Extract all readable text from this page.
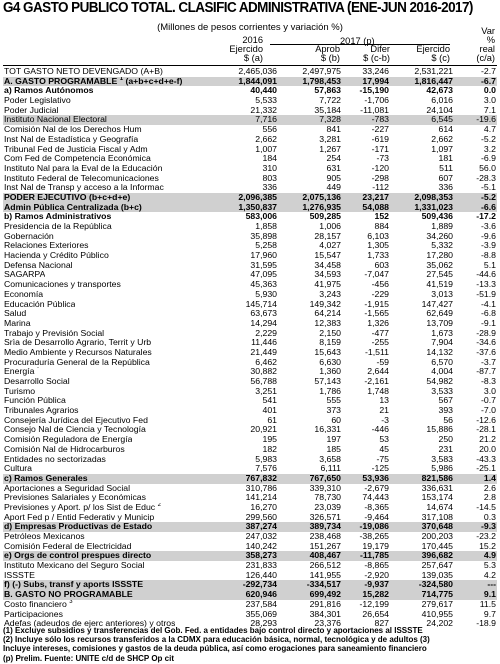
G4 GASTO PUBLICO TOTAL. CLASIFIC ADMINISTRATIVA (ENE-JUN 2016-2017)
(Millones de pesos corrientes y variación %)
2016
Ejercido
$ (a)
2017 (p)
Aprob
$ (b)
Difer
$ (c-b)
Ejercido
$ (c)
Var
%
real
(c/a)
TOT GASTO NETO DEVENGADO (A+B)	2,465,036	2,497,975 33,246	2,531,221	-2.7
A. GASTO PROGRAMABLE $^1$ (a+b+c+d+e-f)	1,844,091	1,798,453 17,994	1,816,447	-6.7
a) Ramos Autónomos	40,440	57,863 -15,190	42,673	0.0
Poder Legislativo	5,533	7,722	-1,706	6,016	3.0
Poder Judicial	21,332	35,184 -11,081	24,104	7.1
Instituto Nacional Electoral	7,716	7,328	-783	6,545	-19.6
Comisión Nal de los Derechos Hum	556	841	-227	614	4.7
Inst Nal de Estadística y Geografía	2,662	3,281	-619	2,662	-5.2
Tribunal Fed de Justicia Fiscal y Adm	1,007	1,267	-171	1,097	3.2
Com Fed de Competencia Económica	184	254	-73	181	-6.9
Instituto Nal para la Eval de la Educación	310	631	-120	511	56.0
Instituto Federal de Telecomunicaciones	803	905	-298	607	-28.3
Inst Nal de Transp y acceso a la Informac	336	449	-112	336	-5.1
PODER EJECUTIVO (b+c+d+e)	2,096,385	2,075,136 23,217	2,098,353	-5.2
Admin Pública Centralizada (b+c)	1,350,837	1,276,935 54,088	1,331,023	-6.6
b) Ramos Administrativos	583,006	509,285	152	509,436	-17.2
Presidencia de la República	1,858	1,006	884	1,889	-3.6
Gobernación	35,898	28,157	6,103	34,260	-9.6
Relaciones Exteriores	5,258	4,027	1,305	5,332	-3.9
Hacienda y Crédito Público	17,960	15,547	1,733	17,280	-8.8
Defensa Nacional	31,595	34,458	603	35,062	5.1
SAGARPA	47,095	34,593	-7,047	27,545	-44.6
Comunicaciones y transportes	45,363	41,975	-456	41,519	-13.3
Economía	5,930	3,243	-229	3,013	-51.9
Educación Pública	145,714	149,342	-1,915	147,427	-4.1
Salud	63,673	64,214	-1,565	62,649	-6.8
Marina	14,294	12,383	1,326	13,709	-9.1
Trabajo y Previsión Social	2,229	2,150	-477	1,673	-28.9
Srìa de Desarrollo Agrario, Territ y Urb	11,446	8,159	-255	7,904	-34.6
Medio Ambiente y Recursos Naturales	21,449	15,643	-1,511	14,132	-37.6
Procuraduría General de la República	6,462	6,630	-59	6,570	-3.7
Energía *	30,882	1,360	2,644	4,004	-87.7
Desarrollo Social	56,788	57,143	-2,161	54,982	-8.3
Turismo	3,251	1,786	1,748	3,533	3.0
Función Pública	541	555	13	567	-0.7
Tribunales Agrarios	401	373	21	393	-7.0
Consejería Jurídica del Ejecutivo Fed	61	60	-3	56	-12.6
Consejo Nal de Ciencia y Tecnología	20,921	16,331	-446	15,886	-28.1
Comisión Reguladora de Energía	195	197	53	250	21.2
Comisión Nal de Hidrocarburos	182	185	45	231	20.0
Entidades no sectorizadas	5,983	3,658	-75	3,583	-43.3
Cultura	7,576	6,111	-125	5,986	-25.1
c) Ramos Generales	767,832	767,650 53,936	821,586	1.4
Aportaciones a Seguridad Social	310,786	339,310	-2,679	336,631	2.6
Previsiones Salariales y Económicas	141,214	78,730 74,443	153,174	2.8
Previsiones y Aport. p/ los Sist de Educ $^2$	16,270	23,039	-8,365	14,674	-14.5
Aport Fed p / Entid Federativ y Municip	299,560	326,571	-9,464	317,108	0.3
d) Empresas Productivas de Estado	387,274	389,734 -19,086	370,648	-9.3
Petróleos Mexicanos	247,032	238,468 -38,265	200,203	-23.2
Comisión Federal de Electricidad	140,242	151,267 19,179	170,445	15.2
e) Orgs de control prespues directo	358,273	408,467 -11,785	396,682	4.9
Instituto Mexicano del Seguro Social	231,833	266,512	-8,865	257,647	5.3
ISSSTE	126,440	141,955	-2,920	139,035	4.2
f) (-) Subs, transf y aports ISSSTE	-292,734	-334,517	-9,937	-324,580	---
B. GASTO NO PROGRAMABLE	620,946	699,492 15,282	714,775	9.1
Costo financiero $^3$	237,584	291,816 -12,199	279,617	11.5
Participaciones	355,069	384,301 26,654	410,955	9.7
Adefas (adeudos de ejerc anteriores) y otros	28,293	23,376	827	24,202	-18.9
(1) Excluye subsidios y transferencias del Gob. Fed. a entidades bajo control directo y aportaciones al ISSSTE
(2) Incluye sólo los recursos transferidos a la CDMX para educación básica, normal, tecnológica y de adultos (3)
Incluye intereses, comisiones y gastos de la deuda pública, así como erogaciones para saneamiento financiero
(p) Prelim. Fuente: UNITE c/d de SHCP Op cit
